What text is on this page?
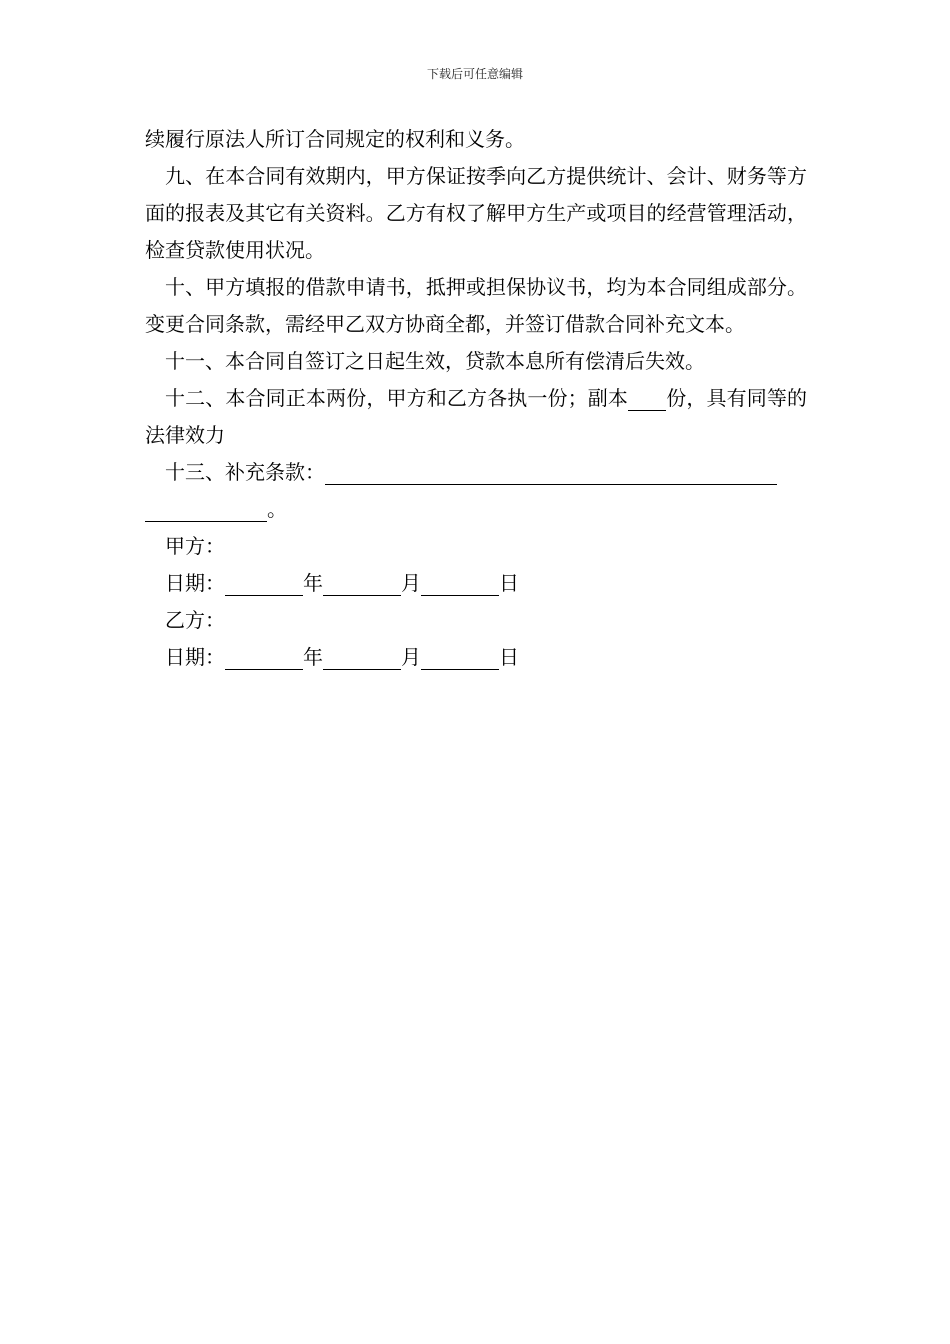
下载后可任意编辑

续履行原法人所订合同规定的权利和义务。

九、在本合同有效期内，甲方保证按季向乙方提供统计、会计、财务等方面的报表及其它有关资料。乙方有权了解甲方生产或项目的经营管理活动，检查贷款使用状况。

十、甲方填报的借款申请书，抵押或担保协议书，均为本合同组成部分。变更合同条款，需经甲乙双方协商全都，并签订借款合同补充文本。

十一、本合同自签订之日起生效，贷款本息所有偿清后失效。

十二、本合同正本两份，甲方和乙方各执一份；副本 份，具有同等的法律效力

十三、补充条款：

。

甲方：

日期：	年	月	日

乙方：

日期：	年	月	日
